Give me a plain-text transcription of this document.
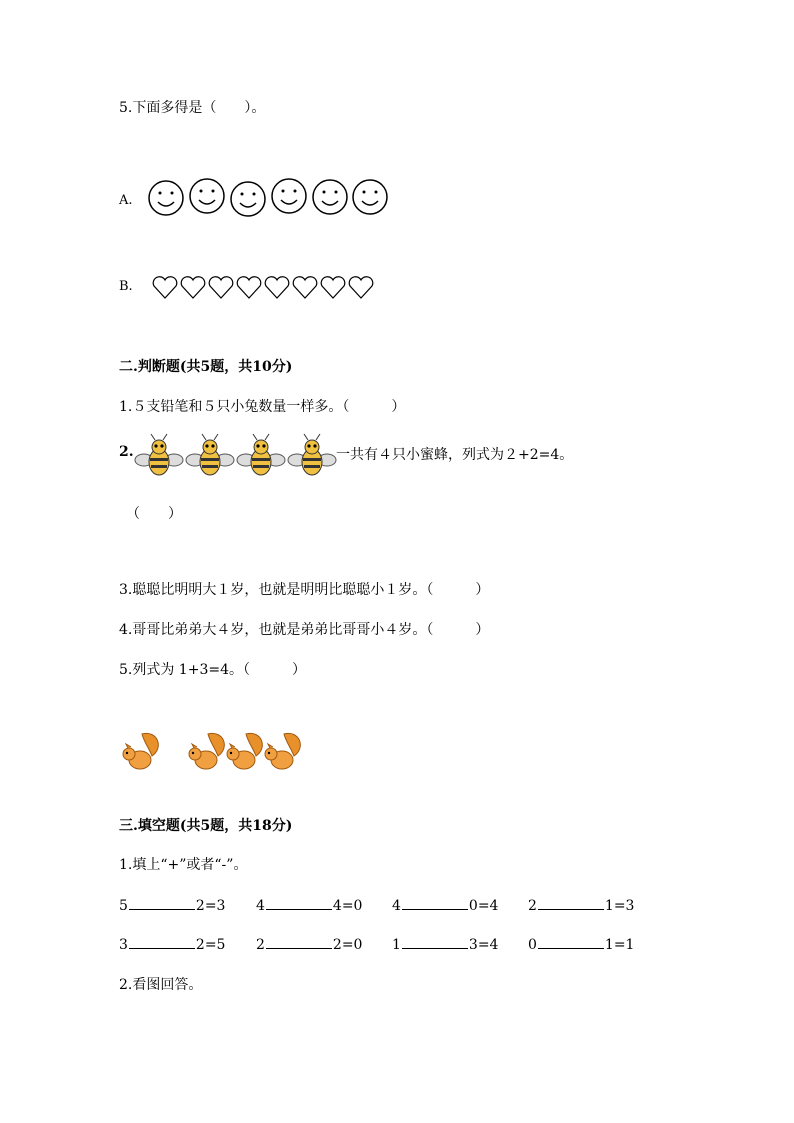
5.下面多得是（　　）。
A.
B.
二.判断题(共5题，共10分)
1.５支铅笔和５只小兔数量一样多。（　　　）
2.	一共有４只小蜜蜂，列式为２+2=4。
（　　）
3.聪聪比明明大１岁，也就是明明比聪聪小１岁。（　　　）
4.哥哥比弟弟大４岁，也就是弟弟比哥哥小４岁。（　　　）
5.列式为 1+3=4。（　　　）
三.填空题(共5题，共18分)
1.填上“+”或者“-”。
5	2=3 4	4=0 4	0=4 2	1=3
3	2=5 2	2=0 1	3=4 0	1=1
2.看图回答。
